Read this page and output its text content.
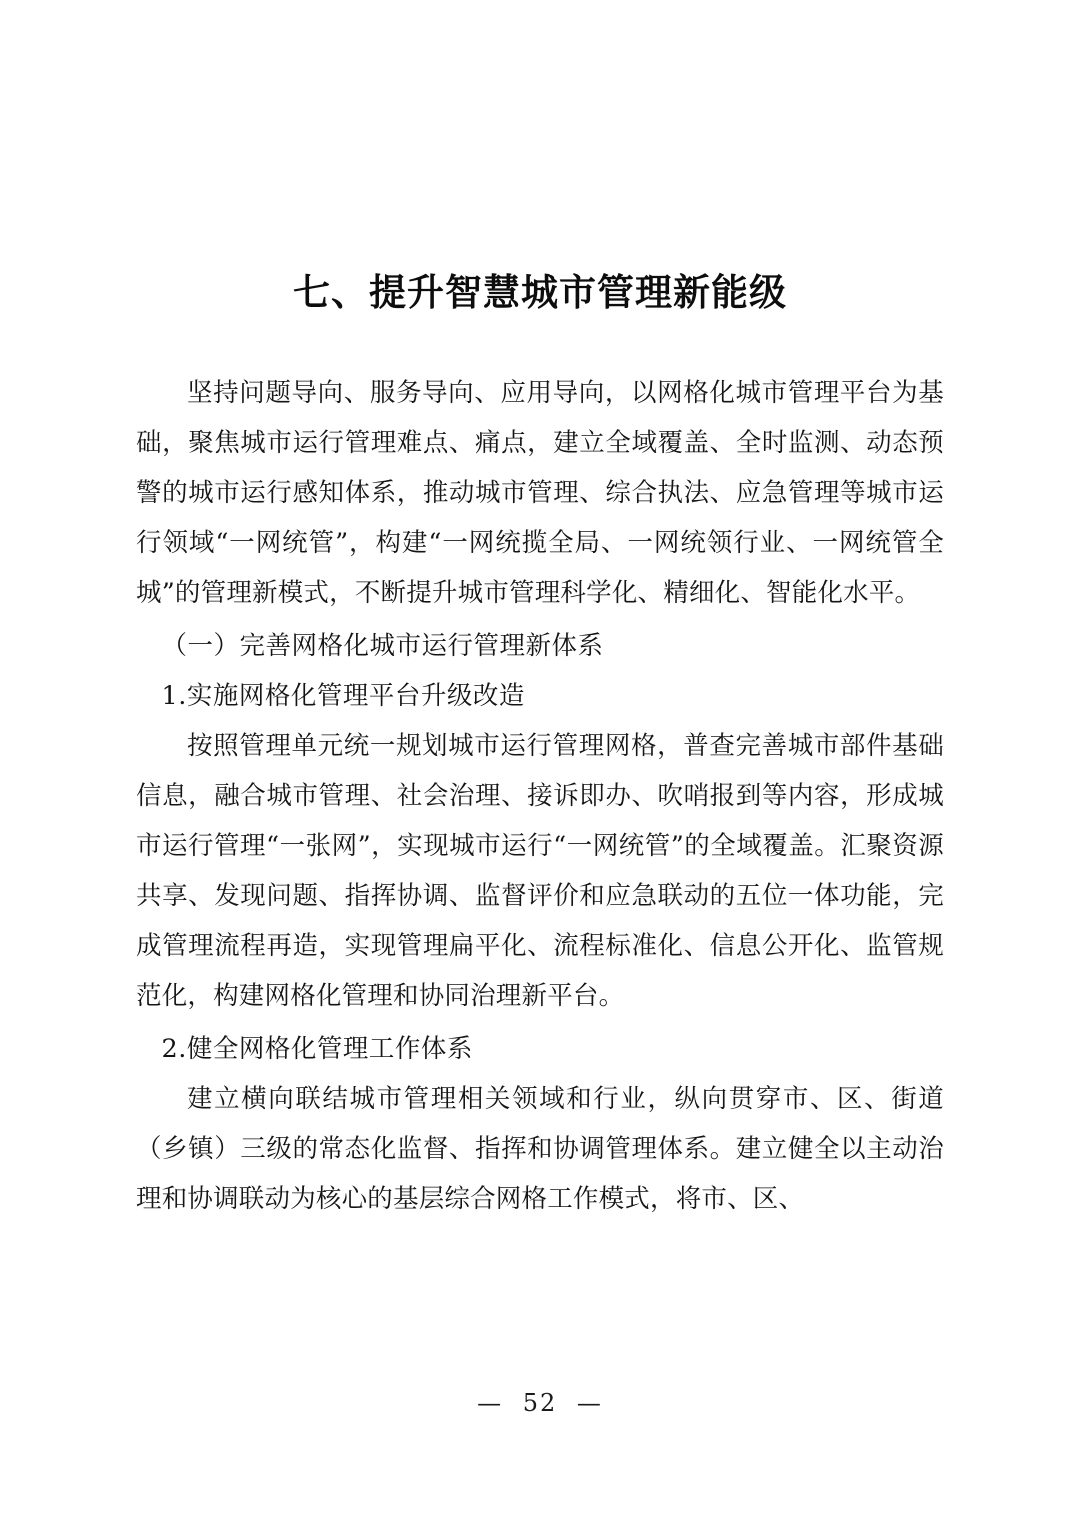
七、提升智慧城市管理新能级

坚持问题导向、服务导向、应用导向，以网格化城市管理平台为基础，聚焦城市运行管理难点、痛点，建立全域覆盖、全时监测、动态预警的城市运行感知体系，推动城市管理、综合执法、应急管理等城市运行领域“一网统管”，构建“一网统揽全局、一网统领行业、一网统管全城”的管理新模式，不断提升城市管理科学化、精细化、智能化水平。

（一）完善网格化城市运行管理新体系

1.实施网格化管理平台升级改造

按照管理单元统一规划城市运行管理网格，普查完善城市部件基础信息，融合城市管理、社会治理、接诉即办、吹哨报到等内容，形成城市运行管理“一张网”，实现城市运行“一网统管”的全域覆盖。汇聚资源共享、发现问题、指挥协调、监督评价和应急联动的五位一体功能，完成管理流程再造，实现管理扁平化、流程标准化、信息公开化、监管规范化，构建网格化管理和协同治理新平台。

2.健全网格化管理工作体系

建立横向联结城市管理相关领域和行业，纵向贯穿市、区、街道（乡镇）三级的常态化监督、指挥和协调管理体系。建立健全以主动治理和协调联动为核心的基层综合网格工作模式，将市、区、

— 52 —
